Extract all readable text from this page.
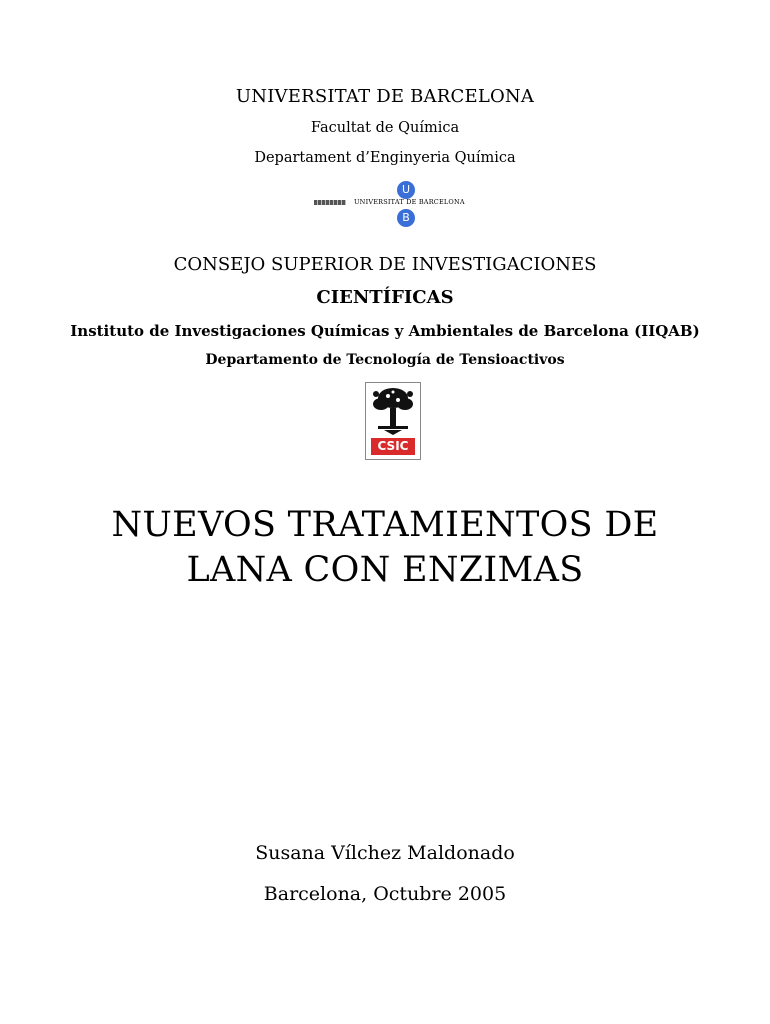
UNIVERSITAT DE BARCELONA
Facultat de Química
Departament d’Enginyeria Química
U
UNIVERSITAT DE BARCELONA
B
CONSEJO SUPERIOR DE INVESTIGACIONES
CIENTÍFICAS
Instituto de Investigaciones Químicas y Ambientales de Barcelona (IIQAB)
Departamento de Tecnología de Tensioactivos
CSIC
NUEVOS TRATAMIENTOS DE
LANA CON ENZIMAS
Susana Vílchez Maldonado
Barcelona, Octubre 2005
